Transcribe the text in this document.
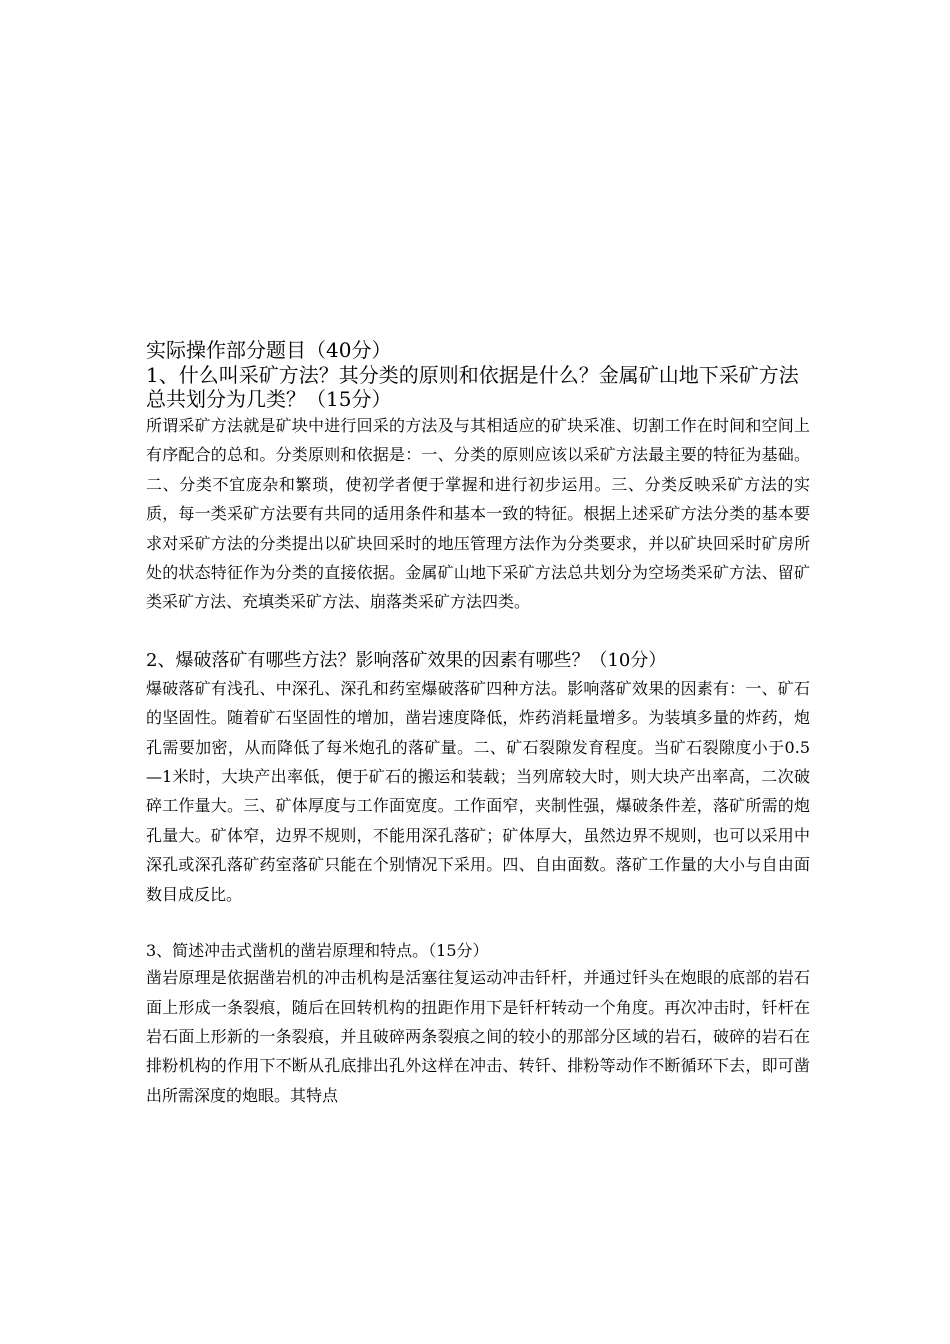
实际操作部分题目（40分）

1、什么叫采矿方法？其分类的原则和依据是什么？金属矿山地下采矿方法总共划分为几类？（15分）

所谓采矿方法就是矿块中进行回采的方法及与其相适应的矿块采准、切割工作在时间和空间上有序配合的总和。分类原则和依据是：一、分类的原则应该以采矿方法最主要的特征为基础。二、分类不宜庞杂和繁琐，使初学者便于掌握和进行初步运用。三、分类反映采矿方法的实质，每一类采矿方法要有共同的适用条件和基本一致的特征。根据上述采矿方法分类的基本要求对采矿方法的分类提出以矿块回采时的地压管理方法作为分类要求，并以矿块回采时矿房所处的状态特征作为分类的直接依据。金属矿山地下采矿方法总共划分为空场类采矿方法、留矿类采矿方法、充填类采矿方法、崩落类采矿方法四类。

2、爆破落矿有哪些方法？影响落矿效果的因素有哪些？（10分）

爆破落矿有浅孔、中深孔、深孔和药室爆破落矿四种方法。影响落矿效果的因素有：一、矿石的坚固性。随着矿石坚固性的增加，凿岩速度降低，炸药消耗量增多。为装填多量的炸药，炮孔需要加密，从而降低了每米炮孔的落矿量。二、矿石裂隙发育程度。当矿石裂隙度小于0.5—1米时，大块产出率低，便于矿石的搬运和装载；当列席较大时，则大块产出率高，二次破碎工作量大。三、矿体厚度与工作面宽度。工作面窄，夹制性强，爆破条件差，落矿所需的炮孔量大。矿体窄，边界不规则，不能用深孔落矿；矿体厚大，虽然边界不规则，也可以采用中深孔或深孔落矿药室落矿只能在个别情况下采用。四、自由面数。落矿工作量的大小与自由面数目成反比。

3、简述冲击式凿机的凿岩原理和特点。（15分）

凿岩原理是依据凿岩机的冲击机构是活塞往复运动冲击钎杆，并通过钎头在炮眼的底部的岩石面上形成一条裂痕，随后在回转机构的扭距作用下是钎杆转动一个角度。再次冲击时，钎杆在岩石面上形新的一条裂痕，并且破碎两条裂痕之间的较小的那部分区域的岩石，破碎的岩石在排粉机构的作用下不断从孔底排出孔外这样在冲击、转钎、排粉等动作不断循环下去，即可凿出所需深度的炮眼。其特点
